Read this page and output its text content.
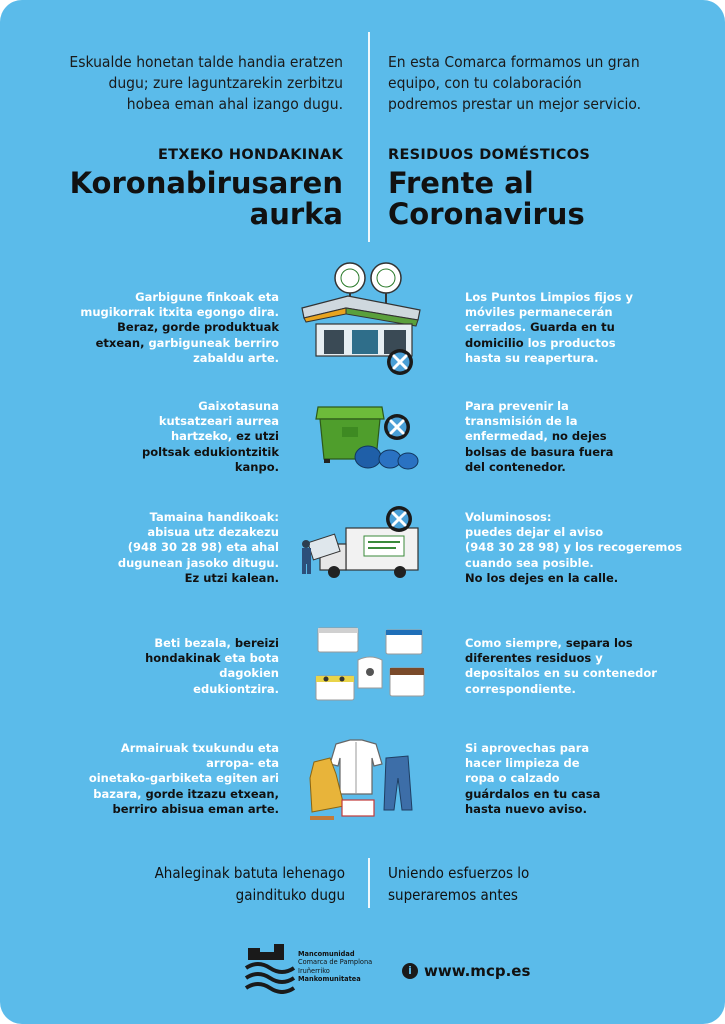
Eskualde honetan talde handia eratzen
dugu; zure laguntzarekin zerbitzu
hobea eman ahal izango dugu.
En esta Comarca formamos un gran
equipo, con tu colaboración
podremos prestar un mejor servicio.
ETXEKO HONDAKINAK
Koronabirusaren
aurka
RESIDUOS DOMÉSTICOS
Frente al
Coronavirus
Garbigune finkoak eta
mugikorrak itxita egongo dira.
Beraz, gorde produktuak
etxean, garbiguneak berriro
zabaldu arte.
Los Puntos Limpios fijos y
móviles permanecerán
cerrados. Guarda en tu
domicilio los productos
hasta su reapertura.
Gaixotasuna
kutsatzeari aurrea
hartzeko, ez utzi
poltsak edukiontzitik
kanpo.
Para prevenir la
transmisión de la
enfermedad, no dejes
bolsas de basura fuera
del contenedor.
Tamaina handikoak:
abisua utz dezakezu
(948 30 28 98) eta ahal
dugunean jasoko ditugu.
Ez utzi kalean.
Voluminosos:
puedes dejar el aviso
(948 30 28 98) y los recogeremos
cuando sea posible.
No los dejes en la calle.
Beti bezala, bereizi
hondakinak eta bota
dagokien
edukiontzira.
Como siempre, separa los
diferentes residuos y
depositalos en su contenedor
correspondiente.
Armairuak txukundu eta
arropa- eta
oinetako-garbiketa egiten ari
bazara, gorde itzazu etxean,
berriro abisua eman arte.
Si aprovechas para
hacer limpieza de
ropa o calzado
guárdalos en tu casa
hasta nuevo aviso.
Ahaleginak batuta lehenago
gaindituko dugu
Uniendo esfuerzos lo
superaremos antes
Mancomunidad
Comarca de Pamplona
Iruñerriko
Mankomunitatea
i www.mcp.es
